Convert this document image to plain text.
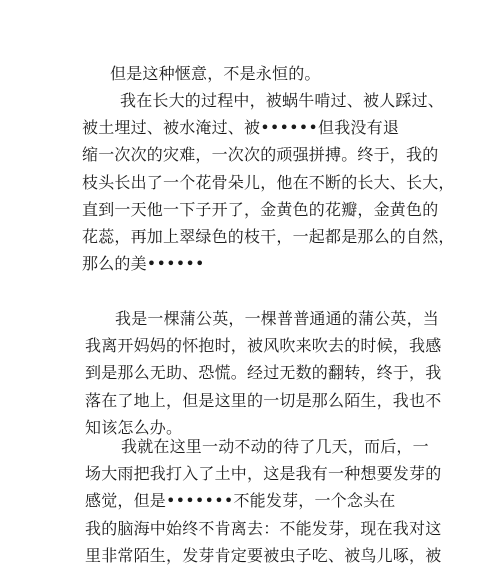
但是这种惬意，不是永恒的。

我在长大的过程中，被蜗牛啃过、被人踩过、
被土埋过、被水淹过、被••••••但我没有退
缩一次次的灾难，一次次的顽强拼搏。终于，我的
枝头长出了一个花骨朵儿，他在不断的长大、长大，
直到一天他一下子开了，金黄色的花瓣，金黄色的
花蕊，再加上翠绿色的枝干，一起都是那么的自然，
那么的美••••••

我是一棵蒲公英，一棵普普通通的蒲公英，当
我离开妈妈的怀抱时，被风吹来吹去的时候，我感
到是那么无助、恐慌。经过无数的翻转，终于，我
落在了地上，但是这里的一切是那么陌生，我也不
知该怎么办。

我就在这里一动不动的待了几天，而后，一
场大雨把我打入了土中，这是我有一种想要发芽的
感觉，但是•••••••不能发芽，一个念头在
我的脑海中始终不肯离去：不能发芽，现在我对这
里非常陌生，发芽肯定要被虫子吃、被鸟儿啄，被
